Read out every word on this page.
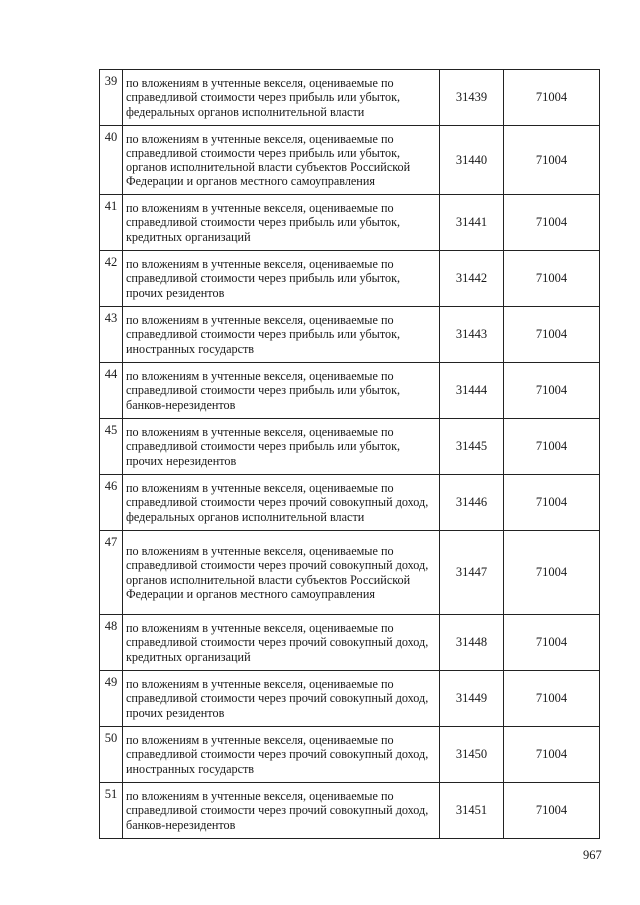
39	по вложениям в учтенные векселя, оцениваемые по справедливой стоимости через прибыль или убыток, федеральных органов исполнительной власти	31439	71004
40	по вложениям в учтенные векселя, оцениваемые по справедливой стоимости через прибыль или убыток, органов исполнительной власти субъектов Российской Федерации и органов местного самоуправления	31440	71004
41	по вложениям в учтенные векселя, оцениваемые по справедливой стоимости через прибыль или убыток, кредитных организаций	31441	71004
42	по вложениям в учтенные векселя, оцениваемые по справедливой стоимости через прибыль или убыток, прочих резидентов	31442	71004
43	по вложениям в учтенные векселя, оцениваемые по справедливой стоимости через прибыль или убыток, иностранных государств	31443	71004
44	по вложениям в учтенные векселя, оцениваемые по справедливой стоимости через прибыль или убыток, банков-нерезидентов	31444	71004
45	по вложениям в учтенные векселя, оцениваемые по справедливой стоимости через прибыль или убыток, прочих нерезидентов	31445	71004
46	по вложениям в учтенные векселя, оцениваемые по справедливой стоимости через прочий совокупный доход, федеральных органов исполнительной власти	31446	71004
47	по вложениям в учтенные векселя, оцениваемые по справедливой стоимости через прочий совокупный доход, органов исполнительной власти субъектов Российской Федерации и органов местного самоуправления	31447	71004
48	по вложениям в учтенные векселя, оцениваемые по справедливой стоимости через прочий совокупный доход, кредитных организаций	31448	71004
49	по вложениям в учтенные векселя, оцениваемые по справедливой стоимости через прочий совокупный доход, прочих резидентов	31449	71004
50	по вложениям в учтенные векселя, оцениваемые по справедливой стоимости через прочий совокупный доход, иностранных государств	31450	71004
51	по вложениям в учтенные векселя, оцениваемые по справедливой стоимости через прочий совокупный доход, банков-нерезидентов	31451	71004
967
